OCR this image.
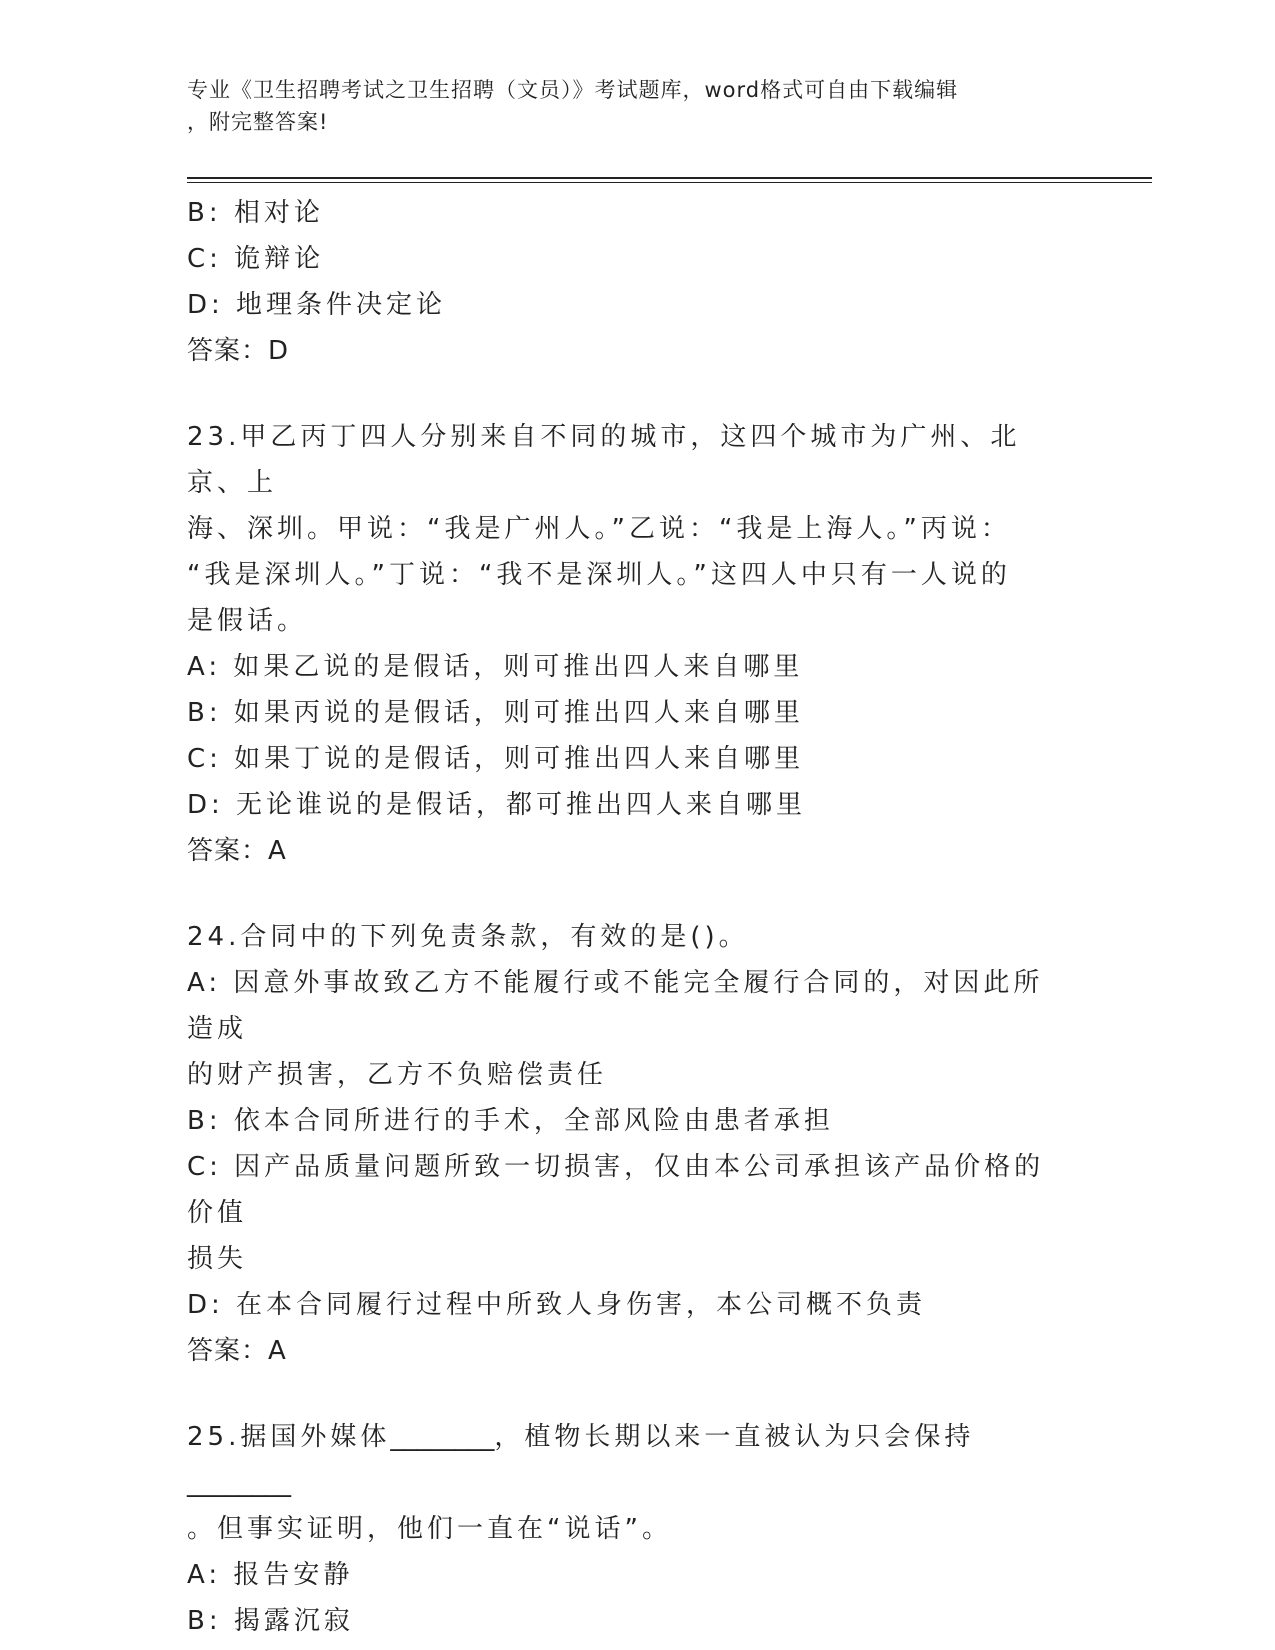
专业《卫生招聘考试之卫生招聘（文员）》考试题库，word格式可自由下载编辑
，附完整答案!

B: 相对论

C: 诡辩论

D: 地理条件决定论

答案：D

23.甲乙丙丁四人分别来自不同的城市，这四个城市为广州、北京、上

海、深圳。甲说：“我是广州人。”乙说：“我是上海人。”丙说：

“我是深圳人。”丁说：“我不是深圳人。”这四人中只有一人说的

是假话。

A: 如果乙说的是假话，则可推出四人来自哪里

B: 如果丙说的是假话，则可推出四人来自哪里

C: 如果丁说的是假话，则可推出四人来自哪里

D: 无论谁说的是假话，都可推出四人来自哪里

答案：A

24.合同中的下列免责条款，有效的是()。

A: 因意外事故致乙方不能履行或不能完全履行合同的，对因此所造成

的财产损害，乙方不负赔偿责任

B: 依本合同所进行的手术，全部风险由患者承担

C: 因产品质量问题所致一切损害，仅由本公司承担该产品价格的价值

损失

D: 在本合同履行过程中所致人身伤害，本公司概不负责

答案：A

25.据国外媒体________，植物长期以来一直被认为只会保持________

。但事实证明，他们一直在“说话”。

A: 报告安静

B: 揭露沉寂
